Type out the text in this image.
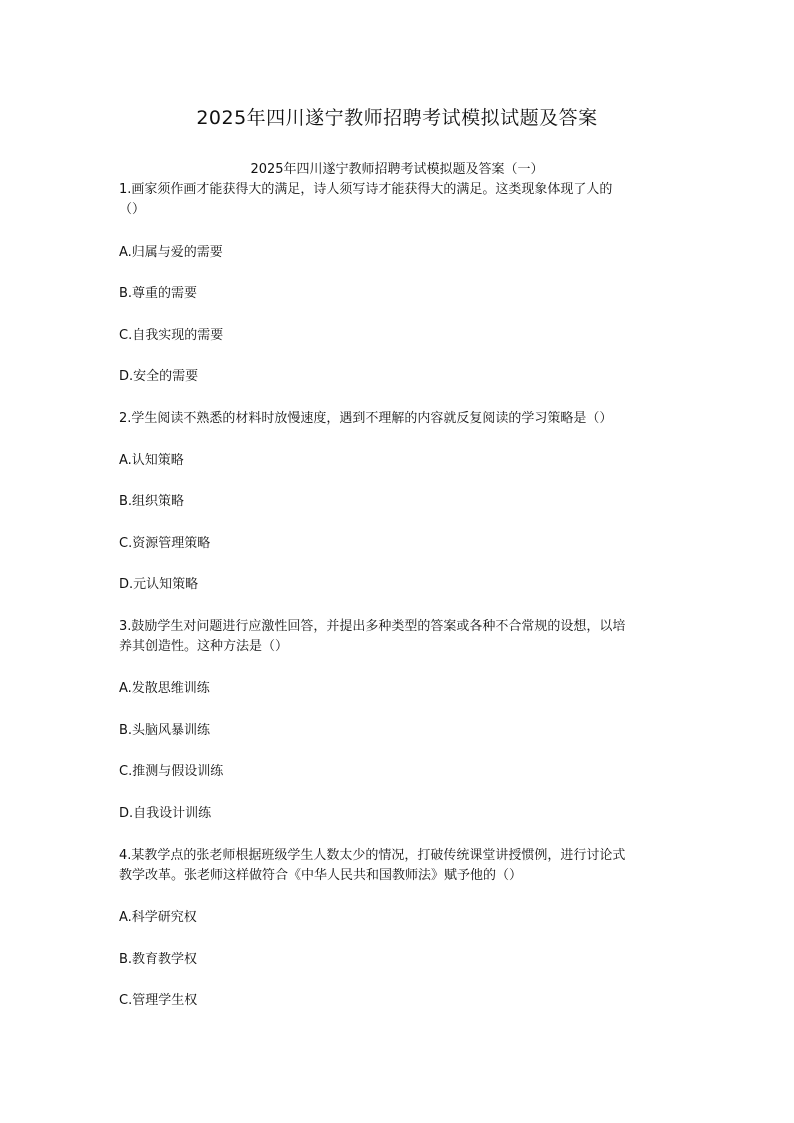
2025年四川遂宁教师招聘考试模拟试题及答案
2025年四川遂宁教师招聘考试模拟题及答案（一）
1.画家须作画才能获得大的满足，诗人须写诗才能获得大的满足。这类现象体现了人的
（）
A.归属与爱的需要
B.尊重的需要
C.自我实现的需要
D.安全的需要
2.学生阅读不熟悉的材料时放慢速度，遇到不理解的内容就反复阅读的学习策略是（）
A.认知策略
B.组织策略
C.资源管理策略
D.元认知策略
3.鼓励学生对问题进行应激性回答，并提出多种类型的答案或各种不合常规的设想，以培
养其创造性。这种方法是（）
A.发散思维训练
B.头脑风暴训练
C.推测与假设训练
D.自我设计训练
4.某教学点的张老师根据班级学生人数太少的情况，打破传统课堂讲授惯例，进行讨论式
教学改革。张老师这样做符合《中华人民共和国教师法》赋予他的（）
A.科学研究权
B.教育教学权
C.管理学生权
